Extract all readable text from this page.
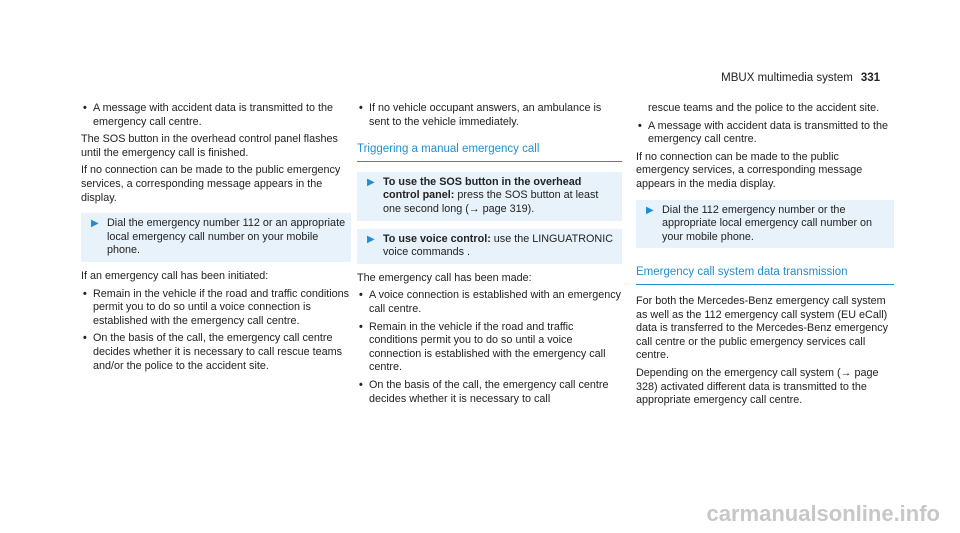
MBUX multimedia system 331
• A message with accident data is transmitted to the emergency call centre.

The SOS button in the overhead control panel flashes until the emergency call is finished.

If no connection can be made to the public emergency services, a corresponding message appears in the display.

▶ Dial the emergency number 112 or an appropriate local emergency call number on your mobile phone.

If an emergency call has been initiated:

• Remain in the vehicle if the road and traffic conditions permit you to do so until a voice connection is established with the emergency call centre.
• On the basis of the call, the emergency call centre decides whether it is necessary to call rescue teams and/or the police to the accident site.
• If no vehicle occupant answers, an ambulance is sent to the vehicle immediately.
Triggering a manual emergency call
▶ To use the SOS button in the overhead control panel: press the SOS button at least one second long (→ page 319).
▶ To use voice control: use the LINGUATRONIC voice commands .

The emergency call has been made:

• A voice connection is established with an emergency call centre.
• Remain in the vehicle if the road and traffic conditions permit you to do so until a voice connection is established with the emergency call centre.
• On the basis of the call, the emergency call centre decides whether it is necessary to call

rescue teams and the police to the accident site.

• A message with accident data is transmitted to the emergency call centre.

If no connection can be made to the public emergency services, a corresponding message appears in the media display.

▶ Dial the 112 emergency number or the appropriate local emergency call number on your mobile phone.
Emergency call system data transmission

For both the Mercedes-Benz emergency call system as well as the 112 emergency call system (EU eCall) data is transferred to the Mercedes-Benz emergency call centre or the public emergency services call centre.

Depending on the emergency call system (→ page 328) activated different data is transmitted to the appropriate emergency call centre.

carmanualsonline.info
